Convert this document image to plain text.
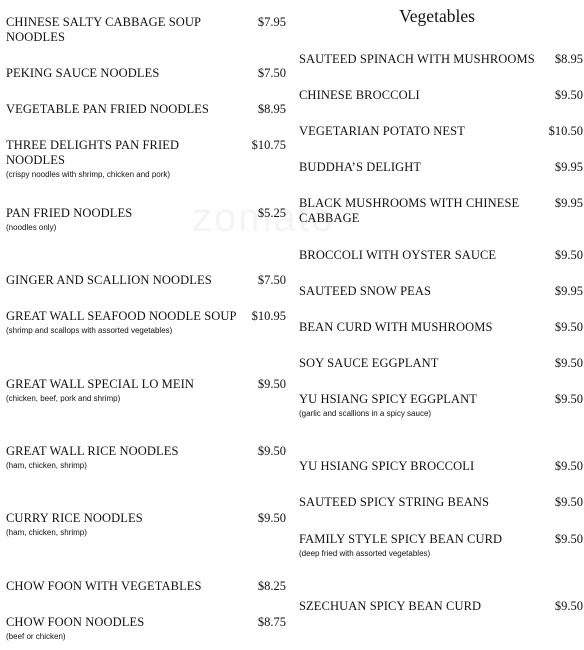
CHINESE SALTY CABBAGE SOUP NOODLES
$7.95
PEKING SAUCE NOODLES	$7.50
VEGETABLE PAN FRIED NOODLES	$8.95
THREE DELIGHTS PAN FRIED NOODLES
(crispy noodles with shrimp, chicken and pork)
$10.75
PAN FRIED NOODLES
(noodles only)
$5.25
GINGER AND SCALLION NOODLES	$7.50
GREAT WALL SEAFOOD NOODLE SOUP
(shrimp and scallops with assorted vegetables)
$10.95
GREAT WALL SPECIAL LO MEIN
(chicken, beef, pork and shrimp)
$9.50
GREAT WALL RICE NOODLES
(ham, chicken, shrimp)
$9.50
CURRY RICE NOODLES
(ham, chicken, shrimp)
$9.50
CHOW FOON WITH VEGETABLES	$8.25
CHOW FOON NOODLES
(beef or chicken)
$8.75
Vegetables
SAUTEED SPINACH WITH MUSHROOMS	$8.95
CHINESE BROCCOLI	$9.50
VEGETARIAN POTATO NEST	$10.50
BUDDHA’S DELIGHT	$9.95
BLACK MUSHROOMS WITH CHINESE CABBAGE
$9.95
BROCCOLI WITH OYSTER SAUCE	$9.50
SAUTEED SNOW PEAS	$9.95
BEAN CURD WITH MUSHROOMS	$9.50
SOY SAUCE EGGPLANT	$9.50
YU HSIANG SPICY EGGPLANT
(garlic and scallions in a spicy sauce)
$9.50
YU HSIANG SPICY BROCCOLI	$9.50
SAUTEED SPICY STRING BEANS	$9.50
FAMILY STYLE SPICY BEAN CURD
(deep fried with assorted vegetables)
$9.50
SZECHUAN SPICY BEAN CURD	$9.50
